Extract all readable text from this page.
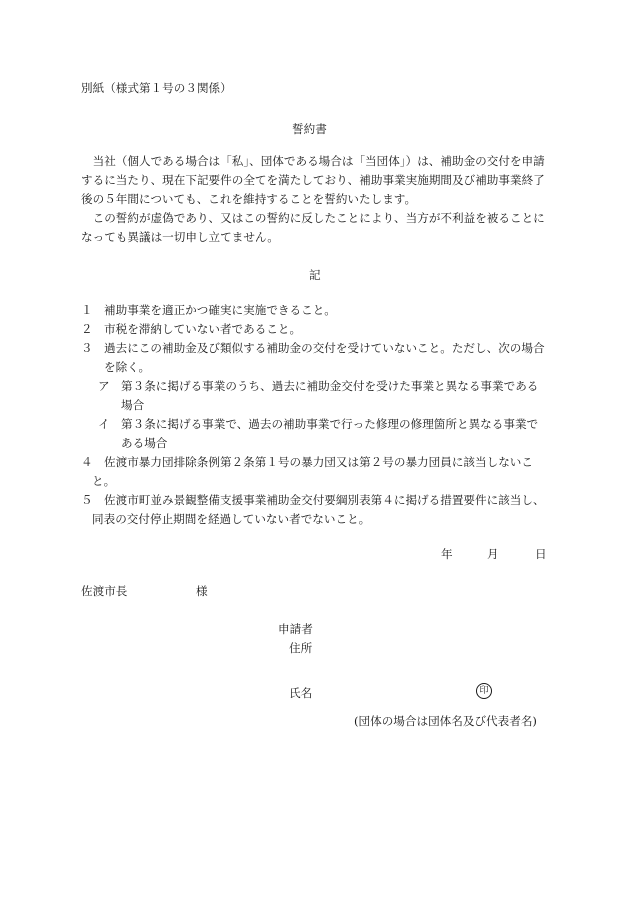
別紙（様式第１号の３関係）
誓約書
当社（個人である場合は「私」、団体である場合は「当団体」）は、補助金の交付を申請するに当たり、現在下記要件の全てを満たしており、補助事業実施期間及び補助事業終了後の５年間についても、これを維持することを誓約いたします。
この誓約が虚偽であり、又はこの誓約に反したことにより、当方が不利益を被ることになっても異議は一切申し立てません。
記
１ 補助事業を適正かつ確実に実施できること。
２ 市税を滞納していない者であること。
３ 過去にこの補助金及び類似する補助金の交付を受けていないこと。ただし、次の場合
を除く。
ア 第３条に掲げる事業のうち、過去に補助金交付を受けた事業と異なる事業である
場合
イ 第３条に掲げる事業で、過去の補助事業で行った修理の修理箇所と異なる事業で
ある場合
４ 佐渡市暴力団排除条例第２条第１号の暴力団又は第２号の暴力団員に該当しないこ
と。
５ 佐渡市町並み景観整備支援事業補助金交付要綱別表第４に掲げる措置要件に該当し、
同表の交付停止期間を経過していない者でないこと。
年	月	日
佐渡市長	様
申請者
住所
氏名	印
(団体の場合は団体名及び代表者名)
